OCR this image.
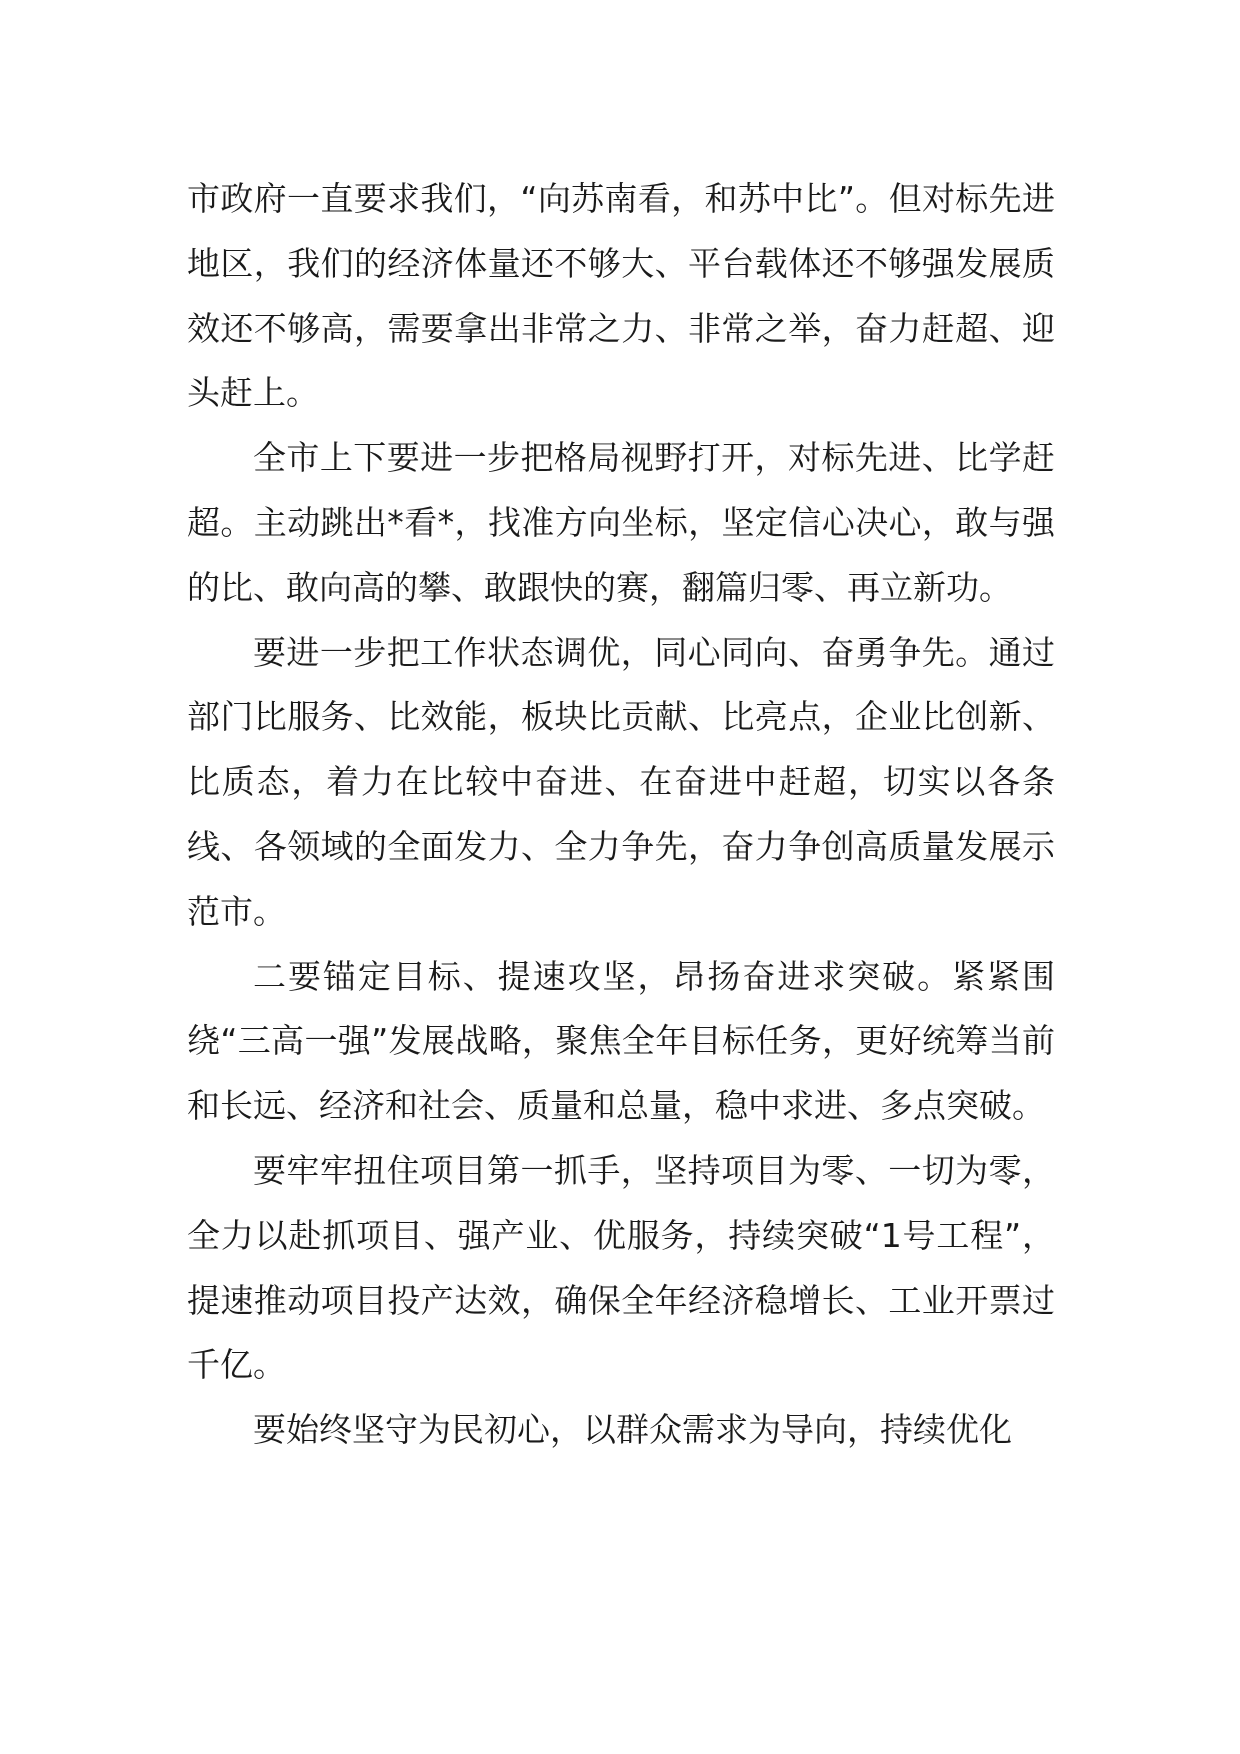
市政府一直要求我们，“向苏南看，和苏中比”。但对标先进地区，我们的经济体量还不够大、平台载体还不够强发展质效还不够高，需要拿出非常之力、非常之举，奋力赶超、迎头赶上。

全市上下要进一步把格局视野打开，对标先进、比学赶超。主动跳出*看*，找准方向坐标，坚定信心决心，敢与强的比、敢向高的攀、敢跟快的赛，翻篇归零、再立新功。

要进一步把工作状态调优，同心同向、奋勇争先。通过部门比服务、比效能，板块比贡献、比亮点，企业比创新、比质态，着力在比较中奋进、在奋进中赶超，切实以各条线、各领域的全面发力、全力争先，奋力争创高质量发展示范市。

二要锚定目标、提速攻坚，昂扬奋进求突破。紧紧围绕“三高一强”发展战略，聚焦全年目标任务，更好统筹当前和长远、经济和社会、质量和总量，稳中求进、多点突破。

要牢牢扭住项目第一抓手，坚持项目为零、一切为零，全力以赴抓项目、强产业、优服务，持续突破“1号工程”，提速推动项目投产达效，确保全年经济稳增长、工业开票过千亿。

要始终坚守为民初心，以群众需求为导向，持续优化
